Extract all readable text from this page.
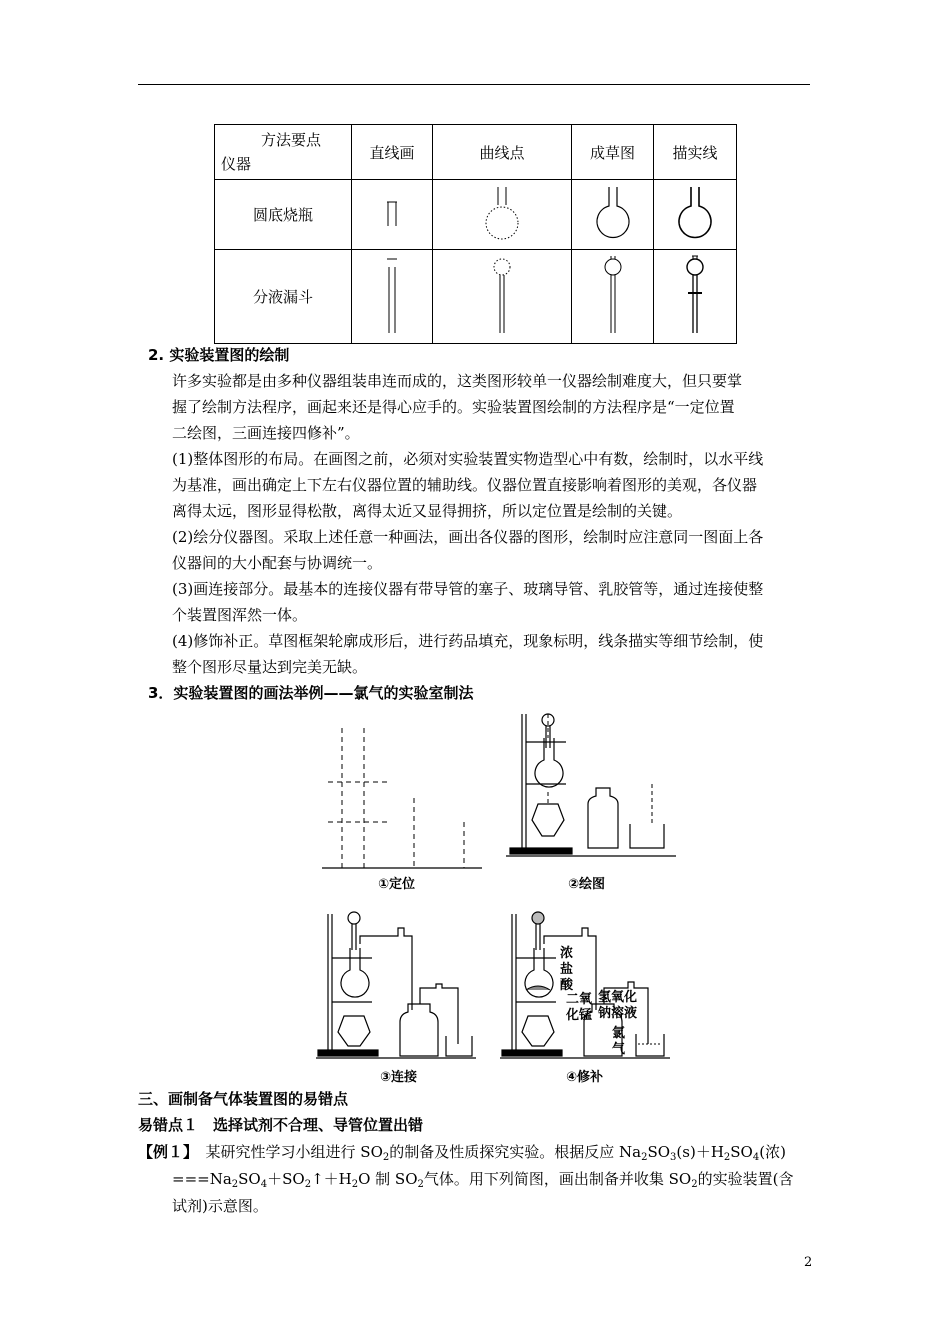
方法要点
仪器	直线画	曲线点	成草图	描实线
圆底烧瓶				
分液漏斗				
2. 实验装置图的绘制
许多实验都是由多种仪器组装串连而成的，这类图形较单一仪器绘制难度大，但只要掌
握了绘制方法程序，画起来还是得心应手的。实验装置图绘制的方法程序是“一定位置
二绘图，三画连接四修补”。
(1)整体图形的布局。在画图之前，必须对实验装置实物造型心中有数，绘制时，以水平线
为基准，画出确定上下左右仪器位置的辅助线。仪器位置直接影响着图形的美观，各仪器
离得太远，图形显得松散，离得太近又显得拥挤，所以定位置是绘制的关键。
(2)绘分仪器图。采取上述任意一种画法，画出各仪器的图形，绘制时应注意同一图面上各
仪器间的大小配套与协调统一。
(3)画连接部分。最基本的连接仪器有带导管的塞子、玻璃导管、乳胶管等，通过连接使整
个装置图浑然一体。
(4)修饰补正。草图框架轮廓成形后，进行药品填充，现象标明，线条描实等细节绘制，使
整个图形尽量达到完美无缺。
3．实验装置图的画法举例——氯气的实验室制法
①定位	②绘图
③连接
浓盐酸
二氧化锰
氢氧化钠溶液
氯气
④修补
三、画制备气体装置图的易错点
易错点１　选择试剂不合理、导管位置出错
【例１】　 某研究性学习小组进行 $SO_2$的制备及性质探究实验。根据反应 $Na_2SO_3(s)+H_2SO_4$(浓)
$===Na_2SO_4+SO_2↑+H_2O$ 制 $SO_2$气体。用下列简图，画出制备并收集 $SO_2$的实验装置(含
试剂)示意图。
2
